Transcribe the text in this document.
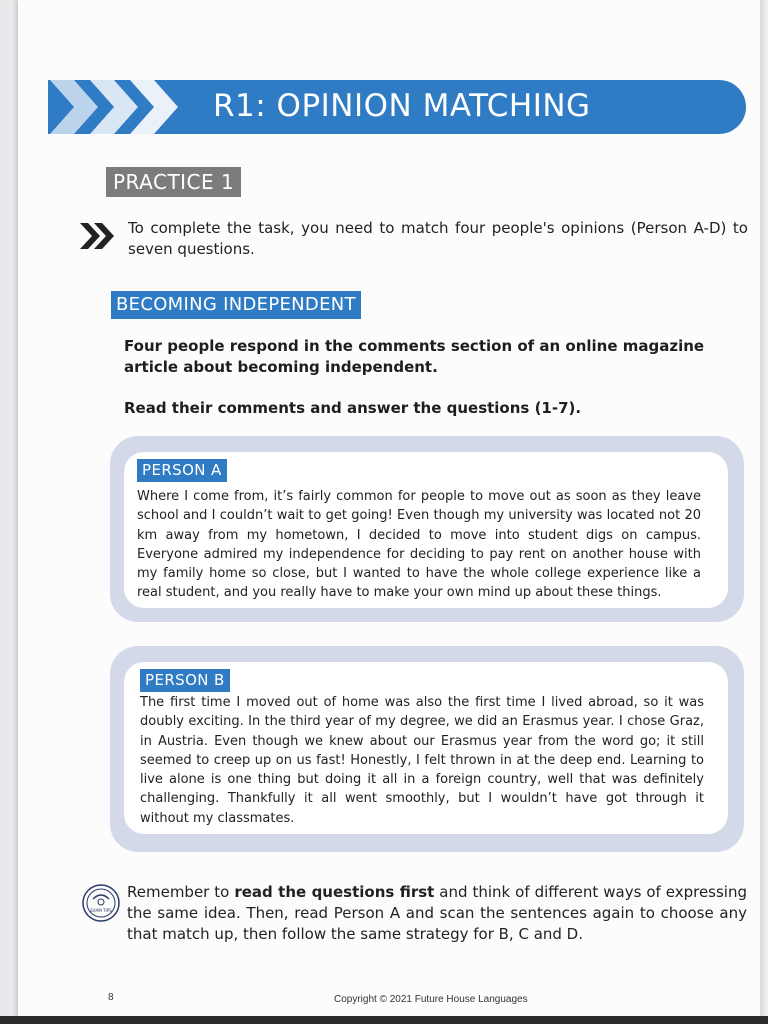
R1: OPINION MATCHING
PRACTICE 1
To complete the task, you need to match four people's opinions (Person A-D) to seven questions.
BECOMING INDEPENDENT
Four people respond in the comments section of an online magazine article about becoming independent.
Read their comments and answer the questions (1-7).
PERSON A
Where I come from, it’s fairly common for people to move out as soon as they leave school and I couldn’t wait to get going! Even though my university was located not 20 km away from my hometown, I decided to move into student digs on campus. Everyone admired my independence for deciding to pay rent on another house with my family home so close, but I wanted to have the whole college experience like a real student, and you really have to make your own mind up about these things.
PERSON B
The first time I moved out of home was also the first time I lived abroad, so it was doubly exciting. In the third year of my degree, we did an Erasmus year. I chose Graz, in Austria. Even though we knew about our Erasmus year from the word go; it still seemed to creep up on us fast! Honestly, I felt thrown in at the deep end. Learning to live alone is one thing but doing it all in a foreign country, well that was definitely challenging. Thankfully it all went smoothly, but I wouldn’t have got through it without my classmates.
EXAM TIPS
Remember to read the questions first and think of different ways of expressing the same idea. Then, read Person A and scan the sentences again to choose any that match up, then follow the same strategy for B, C and D.
8	Copyright © 2021 Future House Languages
